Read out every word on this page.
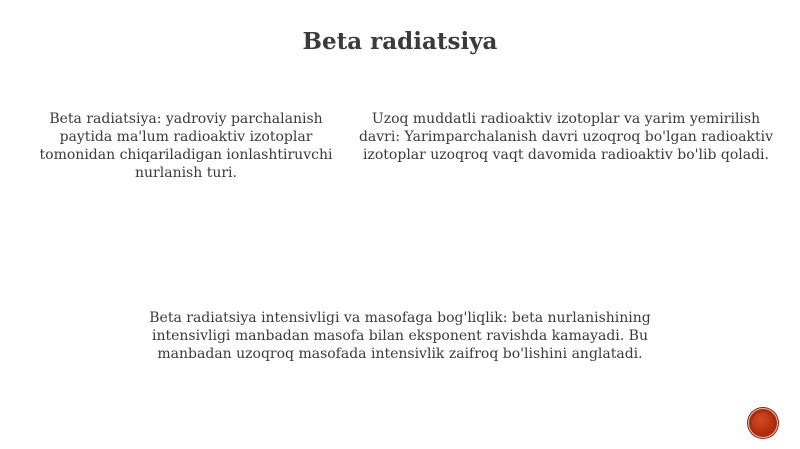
Beta radiatsiya
Beta radiatsiya: yadroviy parchalanish paytida ma'lum radioaktiv izotoplar tomonidan chiqariladigan ionlashtiruvchi nurlanish turi.
Uzoq muddatli radioaktiv izotoplar va yarim yemirilish davri: Yarimparchalanish davri uzoqroq bo'lgan radioaktiv izotoplar uzoqroq vaqt davomida radioaktiv bo'lib qoladi.
Beta radiatsiya intensivligi va masofaga bog'liqlik: beta nurlanishining intensivligi manbadan masofa bilan eksponent ravishda kamayadi. Bu manbadan uzoqroq masofada intensivlik zaifroq bo'lishini anglatadi.
